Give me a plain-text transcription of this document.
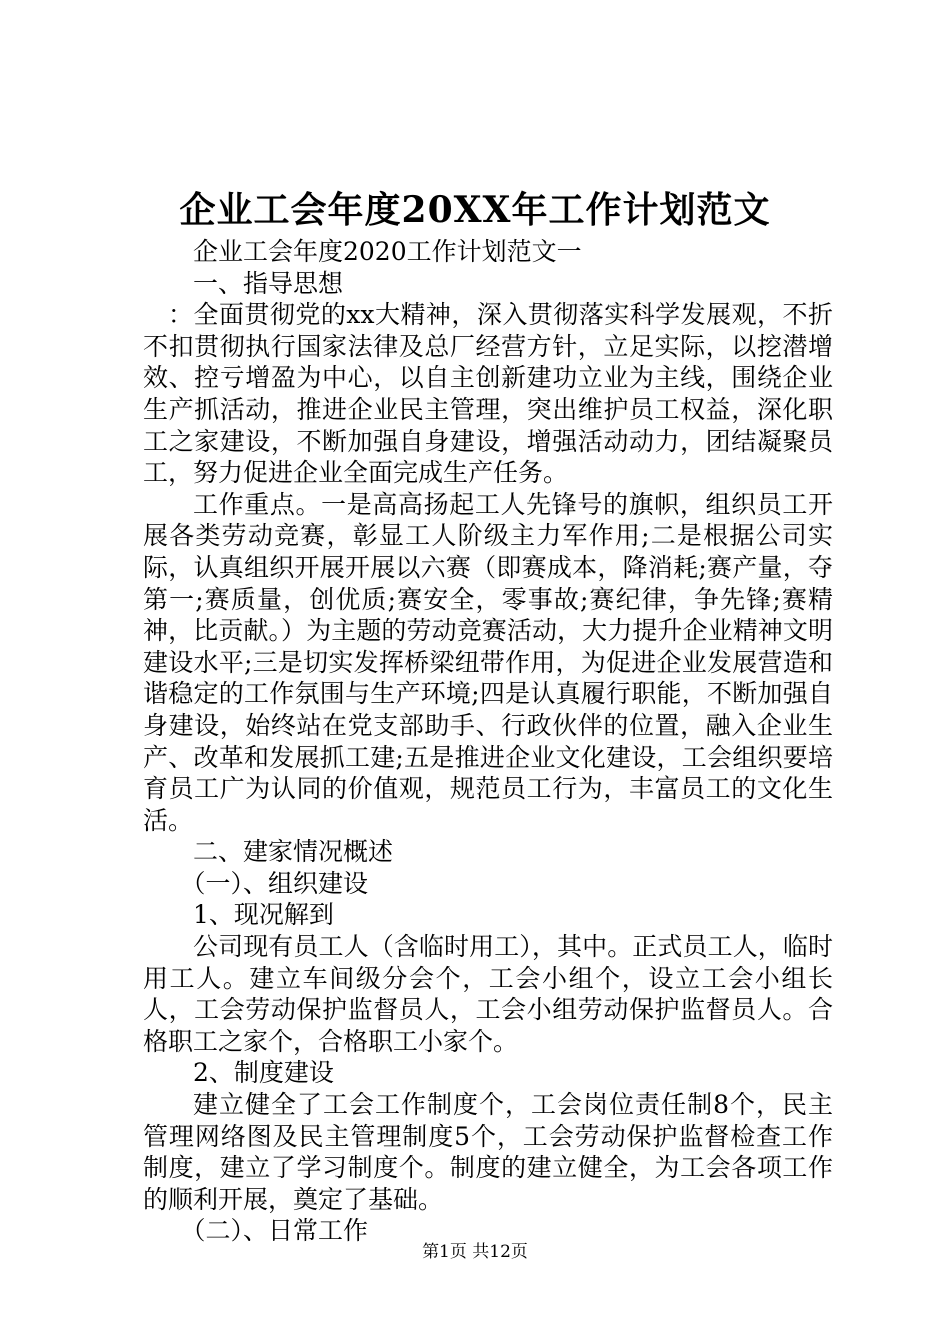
企业工会年度20XX年工作计划范文

企业工会年度2020工作计划范文一

一、指导思想

：全面贯彻党的xx大精神，深入贯彻落实科学发展观，不折不扣贯彻执行国家法律及总厂经营方针，立足实际，以挖潜增效、控亏增盈为中心，以自主创新建功立业为主线，围绕企业生产抓活动，推进企业民主管理，突出维护员工权益，深化职工之家建设，不断加强自身建设，增强活动动力，团结凝聚员工，努力促进企业全面完成生产任务。

工作重点。一是高高扬起工人先锋号的旗帜，组织员工开展各类劳动竞赛，彰显工人阶级主力军作用;二是根据公司实际，认真组织开展开展以六赛（即赛成本，降消耗;赛产量，夺第一;赛质量，创优质;赛安全，零事故;赛纪律，争先锋;赛精神，比贡献。）为主题的劳动竞赛活动，大力提升企业精神文明建设水平;三是切实发挥桥梁纽带作用，为促进企业发展营造和谐稳定的工作氛围与生产环境;四是认真履行职能，不断加强自身建设，始终站在党支部助手、行政伙伴的位置，融入企业生产、改革和发展抓工建;五是推进企业文化建设，工会组织要培育员工广为认同的价值观，规范员工行为，丰富员工的文化生活。

二、建家情况概述

（一）、组织建设

1、现况解到

公司现有员工人（含临时用工），其中。正式员工人，临时用工人。建立车间级分会个，工会小组个，设立工会小组长人，工会劳动保护监督员人，工会小组劳动保护监督员人。合格职工之家个，合格职工小家个。

2、制度建设

建立健全了工会工作制度个，工会岗位责任制8个，民主管理网络图及民主管理制度5个，工会劳动保护监督检查工作制度，建立了学习制度个。制度的建立健全，为工会各项工作的顺利开展，奠定了基础。

（二）、日常工作

第1页 共12页
